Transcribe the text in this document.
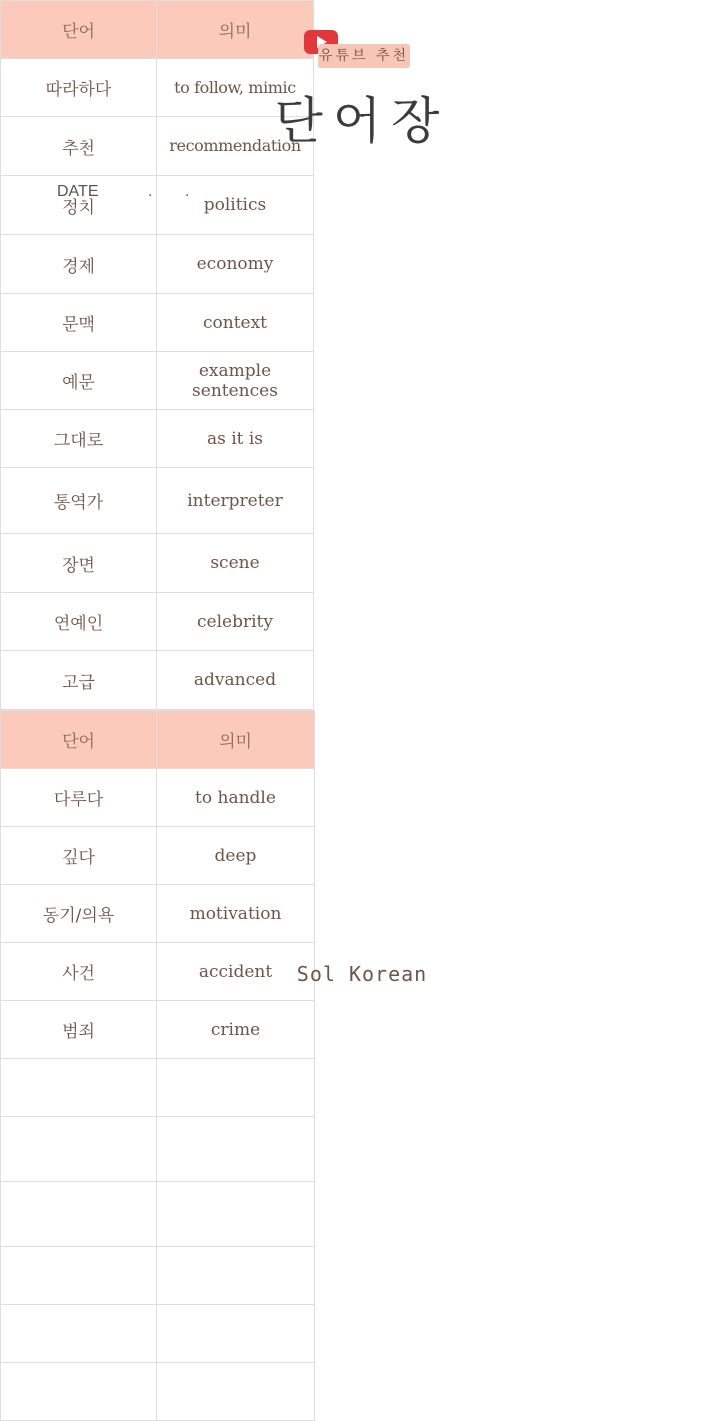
유튜브 추천
단어장
DATE	. .
단어	의미
따라하다	to follow, mimic
추천	recommendation
정치	politics
경제	economy
문맥	context
예문	example sentences
그대로	as it is
통역가	interpreter
장면	scene
연예인	celebrity
고급	advanced
단어	의미
다루다	to handle
깊다	deep
동기/의욕	motivation
사건	accident
범죄	crime

Sol Korean
